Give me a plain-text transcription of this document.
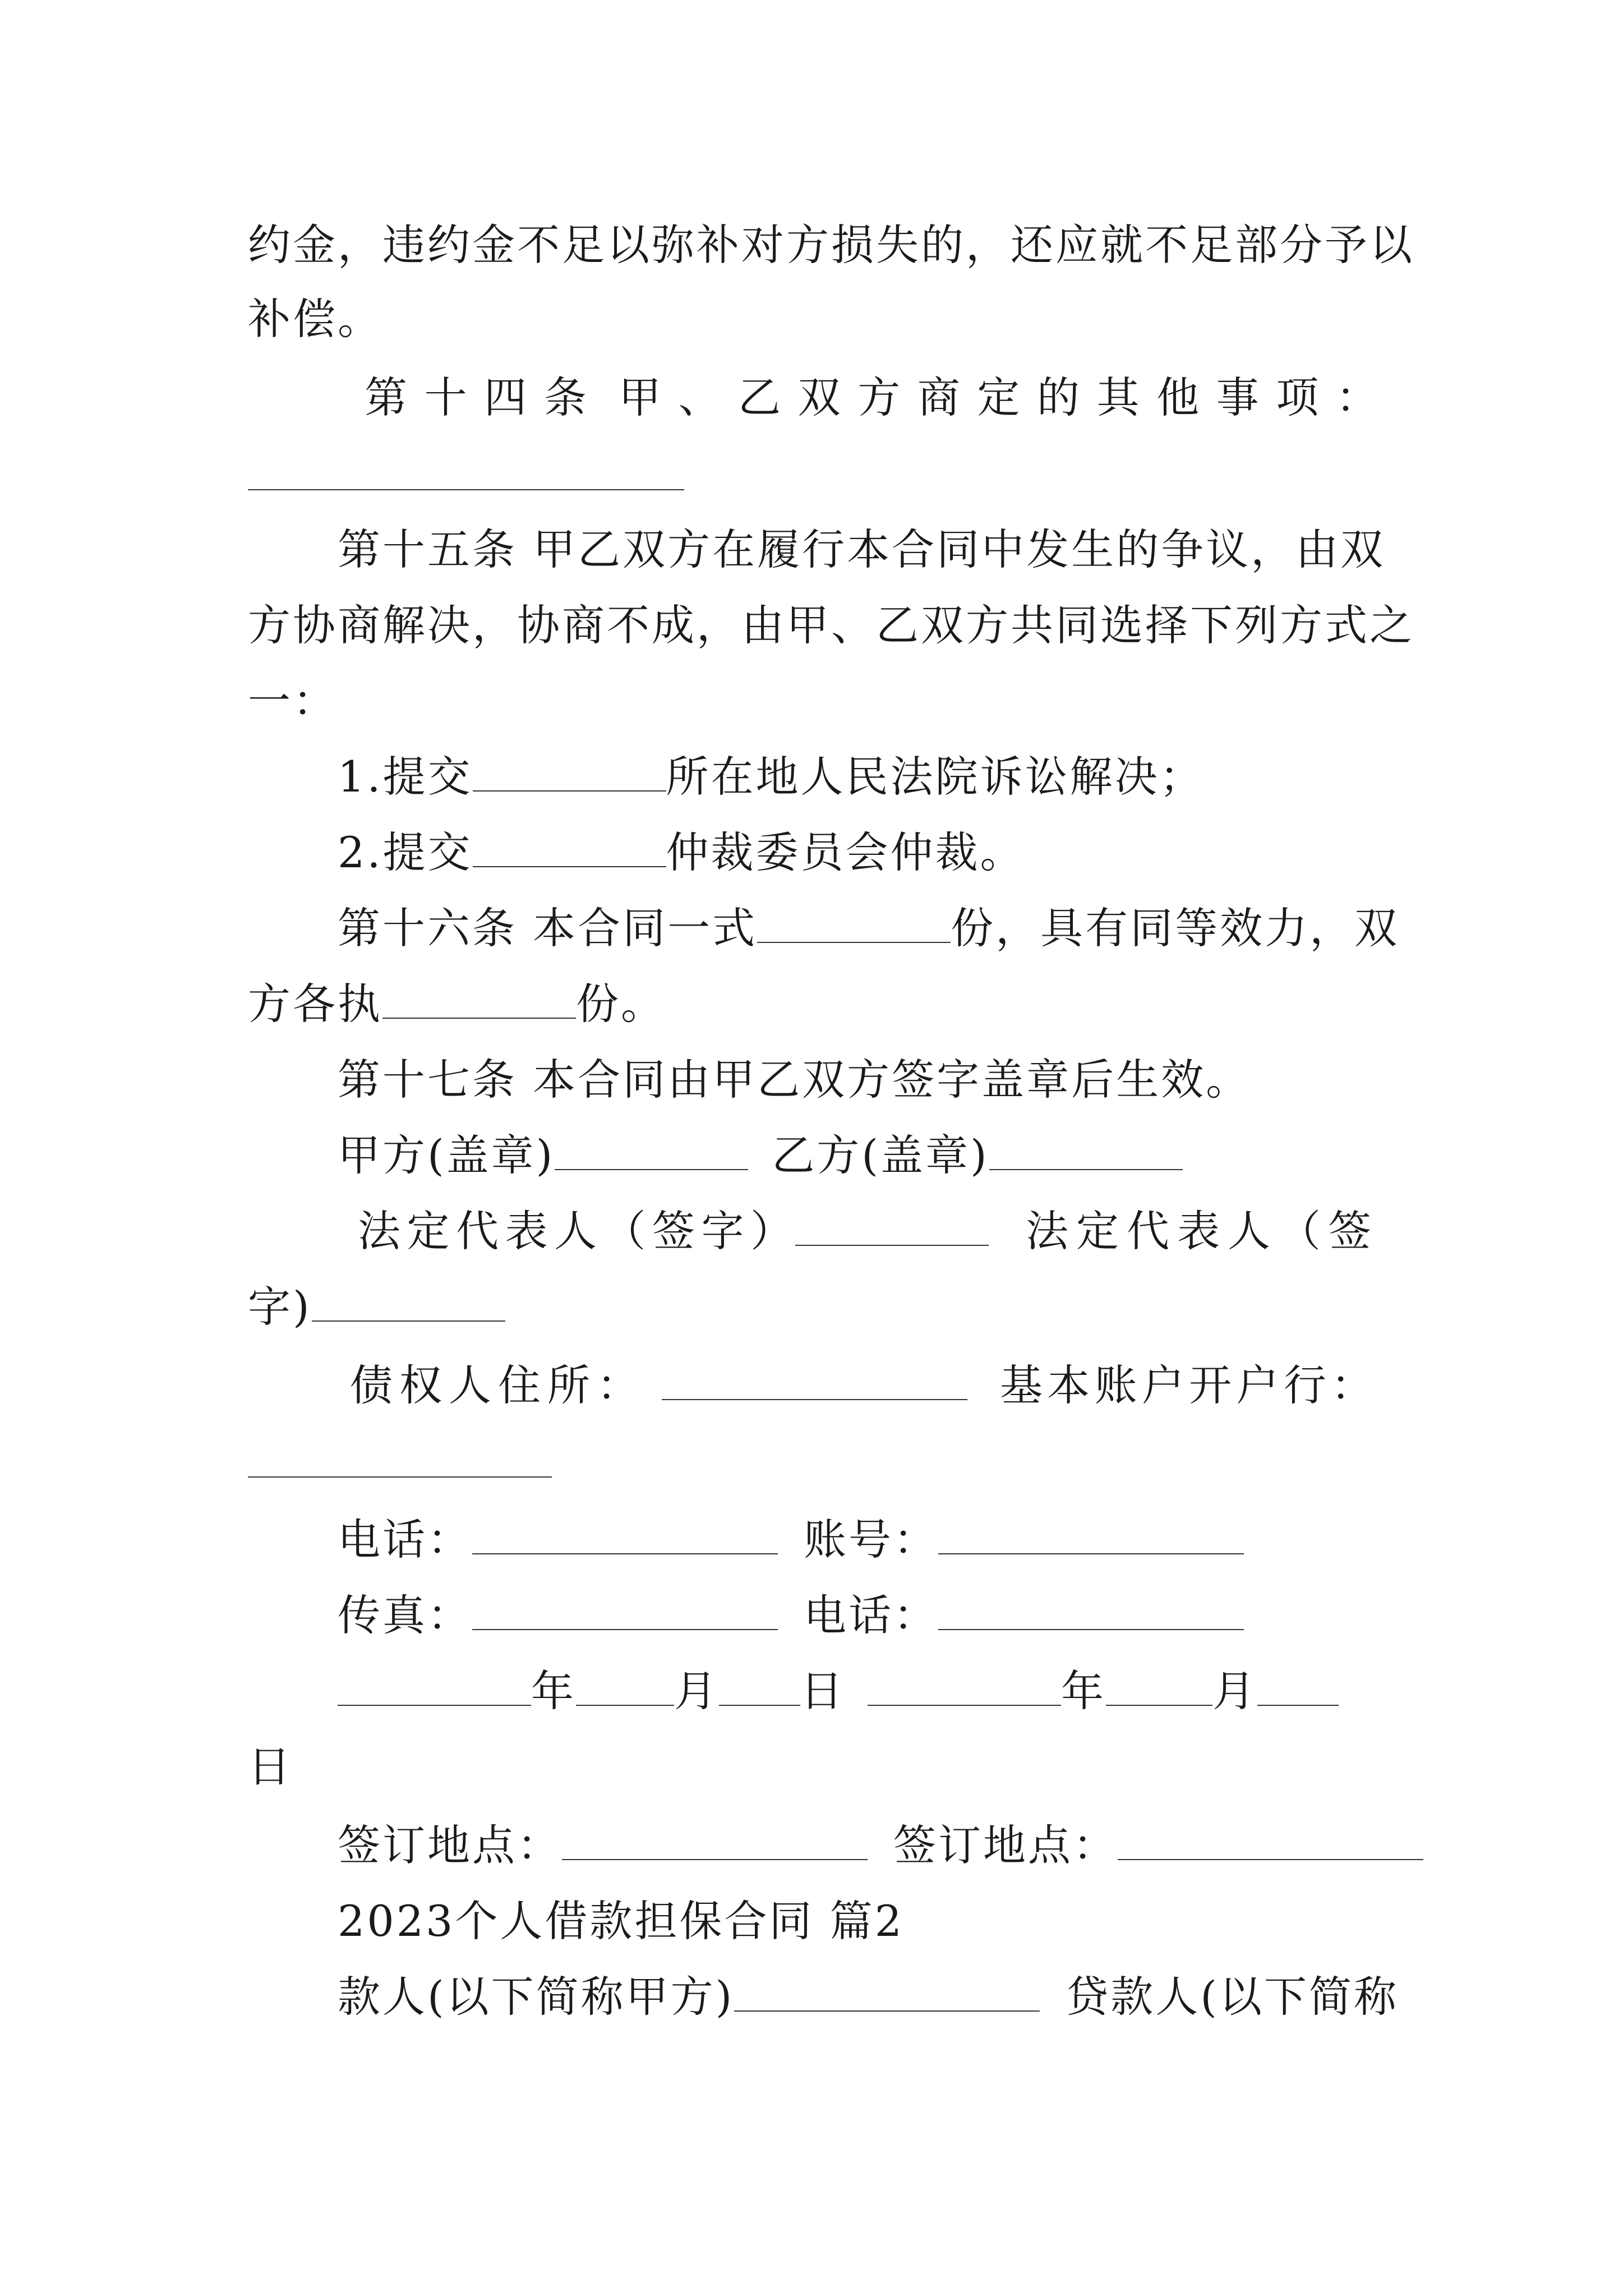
约金，违约金不足以弥补对方损失的，还应就不足部分予以
补偿。
第 十 四 条 甲 、 乙 双 方 商 定 的 其 他 事 项 ：
第十五条 甲乙双方在履行本合同中发生的争议，由双
方协商解决，协商不成，由甲、乙双方共同选择下列方式之
一：
1.提交	所在地人民法院诉讼解决；
2.提交	仲裁委员会仲裁。
第十六条 本合同一式	份，具有同等效力，双
方各执	份。
第十七条 本合同由甲乙双方签字盖章后生效。
甲方(盖章)	乙方(盖章)
法 定 代 表 人 （ 签 字 ）	法 定 代 表 人 （ 签
字)
债 权 人 住 所 ：	基 本 账 户 开 户 行 ：
电话：	账号：
传真：	电话：
年 月 日	年	月
日
签订地点：	签订地点：
2023个人借款担保合同 篇2
款人(以下简称甲方)	贷款人(以下简称
